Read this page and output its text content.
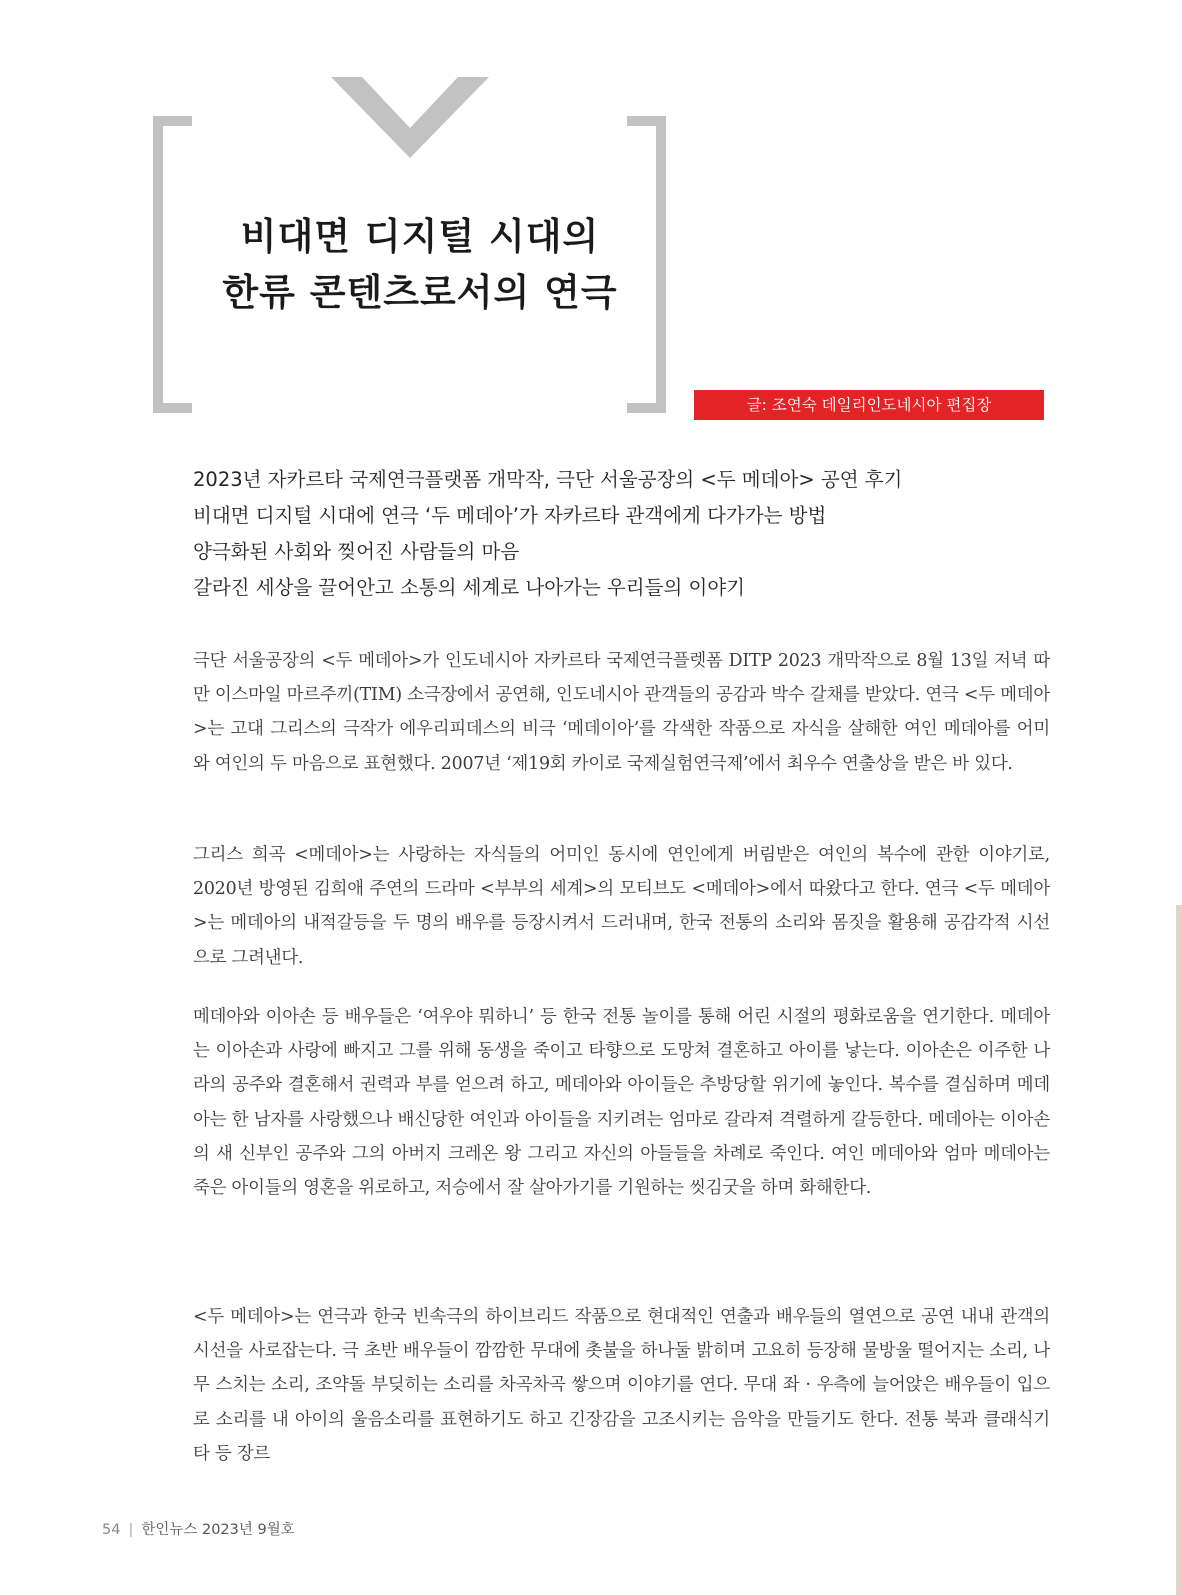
비대면 디지털 시대의
한류 콘텐츠로서의 연극
글: 조연숙 데일리인도네시아 편집장
2023년 자카르타 국제연극플랫폼 개막작, 극단 서울공장의 <두 메데아> 공연 후기
비대면 디지털 시대에 연극 ‘두 메데아’가 자카르타 관객에게 다가가는 방법
양극화된 사회와 찢어진 사람들의 마음
갈라진 세상을 끌어안고 소통의 세계로 나아가는 우리들의 이야기

극단 서울공장의 <두 메데아>가 인도네시아 자카르타 국제연극플렛폼 DITP 2023 개막작으로 8월 13일 저녁 따만 이스마일 마르주끼(TIM) 소극장에서 공연해, 인도네시아 관객들의 공감과 박수 갈채를 받았다. 연극 <두 메데아>는 고대 그리스의 극작가 에우리피데스의 비극 ‘메데이아’를 각색한 작품으로 자식을 살해한 여인 메데아를 어미와 여인의 두 마음으로 표현했다. 2007년 ‘제19회 카이로 국제실험연극제’에서 최우수 연출상을 받은 바 있다.

그리스 희곡 <메데아>는 사랑하는 자식들의 어미인 동시에 연인에게 버림받은 여인의 복수에 관한 이야기로, 2020년 방영된 김희애 주연의 드라마 <부부의 세계>의 모티브도 <메데아>에서 따왔다고 한다. 연극 <두 메데아>는 메데아의 내적갈등을 두 명의 배우를 등장시켜서 드러내며, 한국 전통의 소리와 몸짓을 활용해 공감각적 시선으로 그려낸다.

메데아와 이아손 등 배우들은 ‘여우야 뭐하니’ 등 한국 전통 놀이를 통해 어린 시절의 평화로움을 연기한다. 메데아는 이아손과 사랑에 빠지고 그를 위해 동생을 죽이고 타향으로 도망쳐 결혼하고 아이를 낳는다. 이아손은 이주한 나라의 공주와 결혼해서 권력과 부를 얻으려 하고, 메데아와 아이들은 추방당할 위기에 놓인다. 복수를 결심하며 메데아는 한 남자를 사랑했으나 배신당한 여인과 아이들을 지키려는 엄마로 갈라져 격렬하게 갈등한다. 메데아는 이아손의 새 신부인 공주와 그의 아버지 크레온 왕 그리고 자신의 아들들을 차례로 죽인다. 여인 메데아와 엄마 메데아는 죽은 아이들의 영혼을 위로하고, 저승에서 잘 살아가기를 기원하는 씻김굿을 하며 화해한다.

<두 메데아>는 연극과 한국 빈속극의 하이브리드 작품으로 현대적인 연출과 배우들의 열연으로 공연 내내 관객의 시선을 사로잡는다. 극 초반 배우들이 깜깜한 무대에 촛불을 하나둘 밝히며 고요히 등장해 물방울 떨어지는 소리, 나무 스치는 소리, 조약돌 부딪히는 소리를 차곡차곡 쌓으며 이야기를 연다. 무대 좌 · 우측에 늘어앉은 배우들이 입으로 소리를 내 아이의 울음소리를 표현하기도 하고 긴장감을 고조시키는 음악을 만들기도 한다. 전통 북과 클래식기타 등 장르

54 | 한인뉴스 2023년 9월호
